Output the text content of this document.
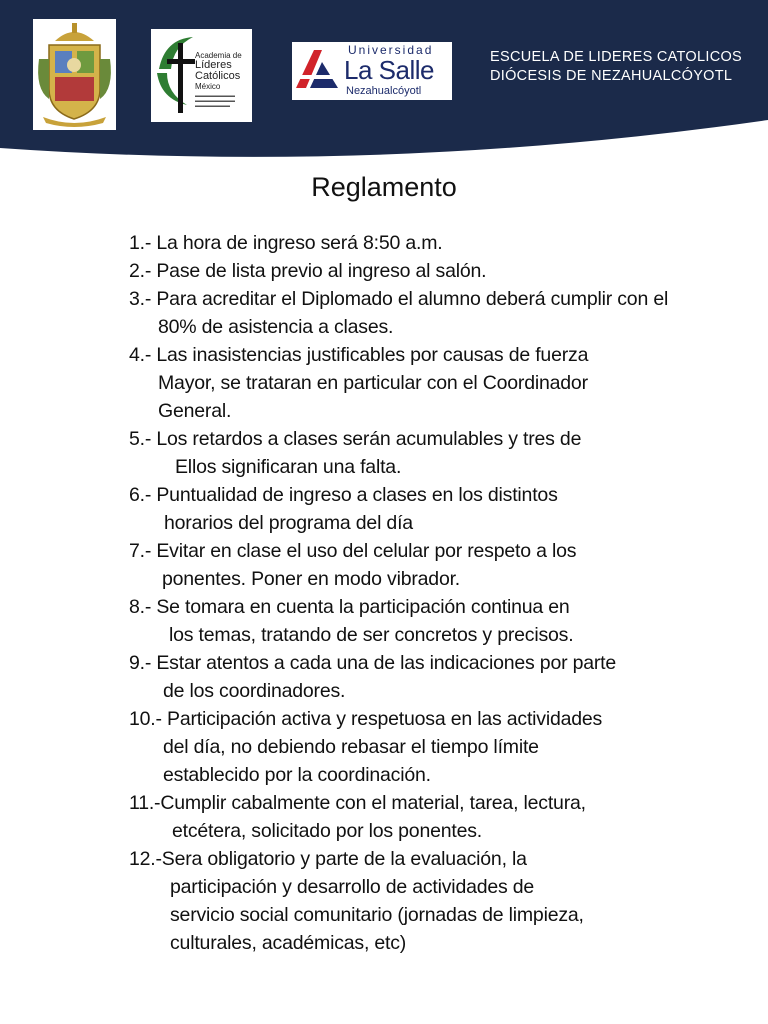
Academia de
Líderes
Católicos
México
▬▬▬▬▬▬▬▬
▬▬▬▬▬▬▬▬
▬▬▬▬▬▬▬
Universidad
La Salle
Nezahualcóyotl
ESCUELA DE LIDERES CATOLICOS
DIÓCESIS DE NEZAHUALCÓYOTL
Reglamento
1.- La hora de ingreso será 8:50 a.m.
2.- Pase de lista previo al ingreso al salón.
3.- Para acreditar el Diplomado el alumno deberá cumplir con el
80% de asistencia a clases.
4.- Las inasistencias justificables por causas de fuerza
Mayor, se trataran en particular con el Coordinador
General.
5.- Los retardos a clases serán acumulables y tres de
Ellos significaran una falta.
6.- Puntualidad de ingreso a clases en los distintos
horarios del programa del día
7.- Evitar en clase el uso del celular por respeto a los
ponentes. Poner en modo vibrador.
8.- Se tomara en cuenta la participación continua en
los temas, tratando de ser concretos y precisos.
9.- Estar atentos a cada una de las indicaciones por parte
de los coordinadores.
10.- Participación activa y respetuosa en las actividades
del día, no debiendo rebasar el tiempo límite
establecido por la coordinación.
11.-Cumplir cabalmente con el material, tarea, lectura,
etcétera, solicitado por los ponentes.
12.-Sera obligatorio y parte de la evaluación, la
participación y desarrollo de actividades de
servicio social comunitario (jornadas de limpieza,
culturales, académicas, etc)
